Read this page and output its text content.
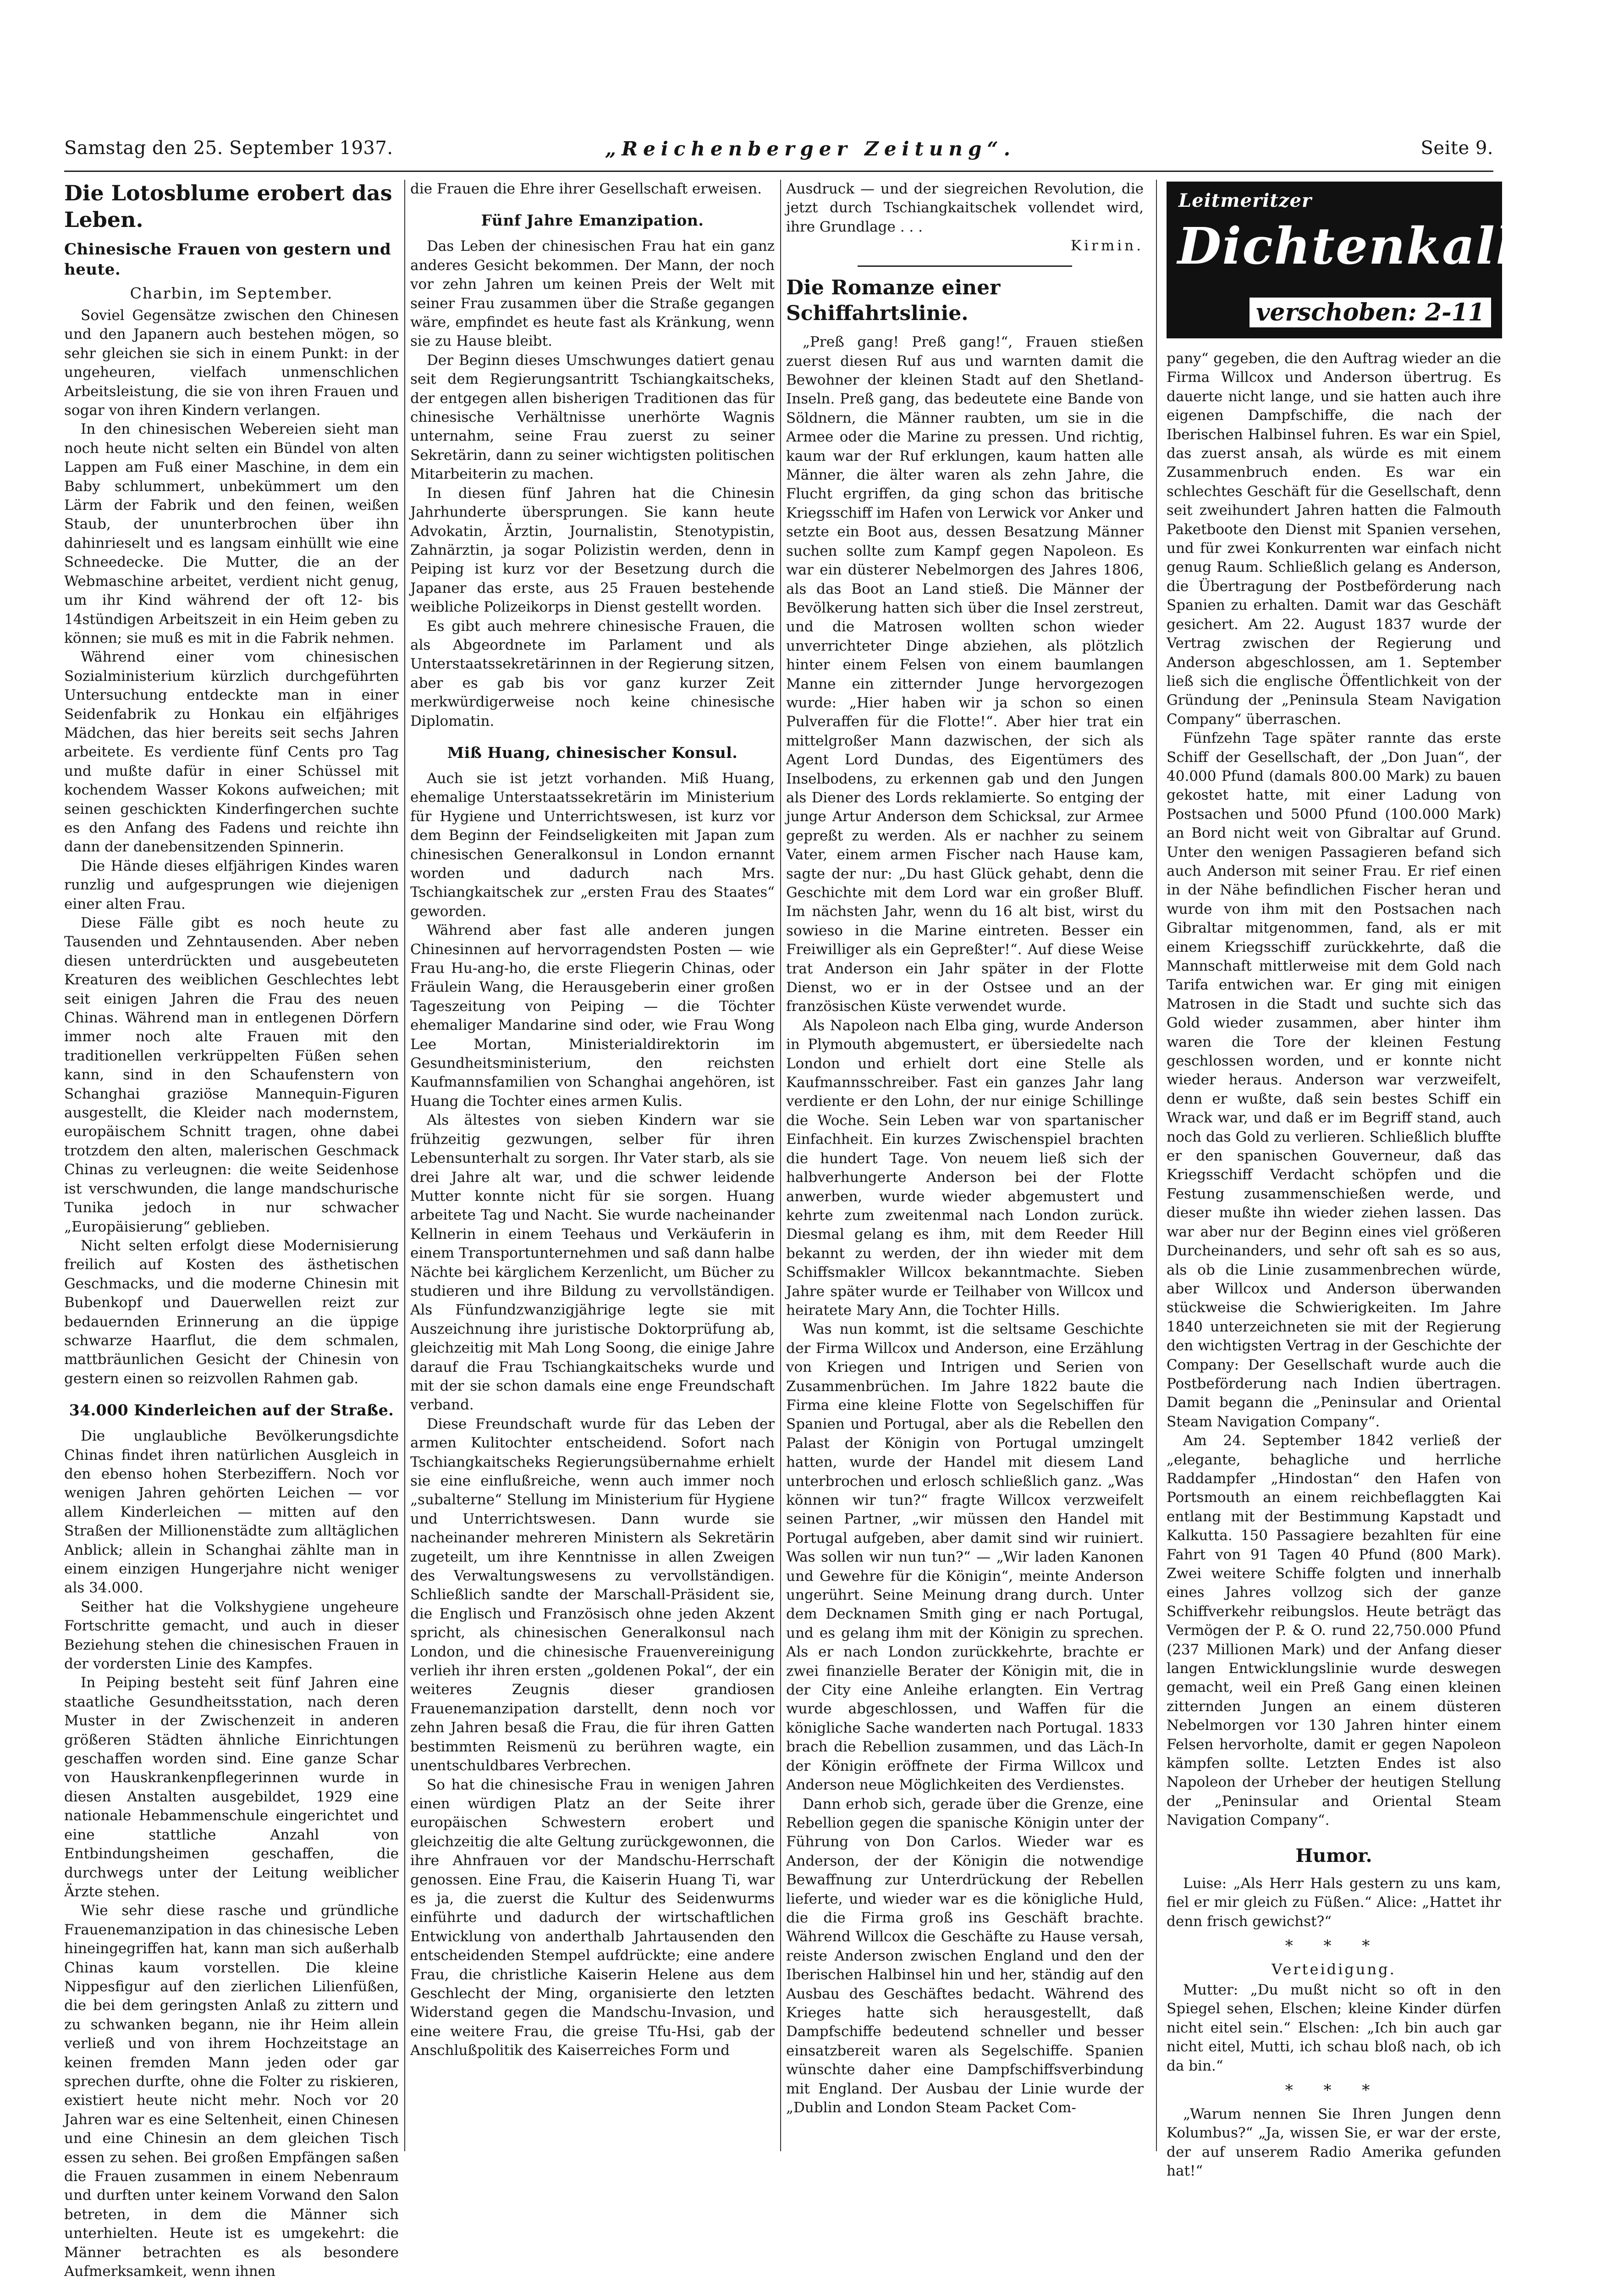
Samstag den 25. September 1937.	„Reichenberger Zeitung“.	Seite 9.
Die Lotosblume erobert das Leben.
Chinesische Frauen von gestern und heute.
Charbin, im September.

Soviel Gegensätze zwischen den Chinesen und den Japanern auch bestehen mögen, so sehr gleichen sie sich in einem Punkt: in der ungeheuren, vielfach unmenschlichen Arbeitsleistung, die sie von ihren Frauen und sogar von ihren Kindern verlangen.

In den chinesischen Webereien sieht man noch heute nicht selten ein Bündel von alten Lappen am Fuß einer Maschine, in dem ein Baby schlummert, unbekümmert um den Lärm der Fabrik und den feinen, weißen Staub, der ununterbrochen über ihn dahinrieselt und es langsam einhüllt wie eine Schneedecke. Die Mutter, die an der Webmaschine arbeitet, verdient nicht genug, um ihr Kind während der oft 12- bis 14stündigen Arbeitszeit in ein Heim geben zu können; sie muß es mit in die Fabrik nehmen.

Während einer vom chinesischen Sozialministerium kürzlich durchgeführten Untersuchung entdeckte man in einer Seidenfabrik zu Honkau ein elfjähriges Mädchen, das hier bereits seit sechs Jahren arbeitete. Es verdiente fünf Cents pro Tag und mußte dafür in einer Schüssel mit kochendem Wasser Kokons aufweichen; mit seinen geschickten Kinderfingerchen suchte es den Anfang des Fadens und reichte ihn dann der danebensitzenden Spinnerin.

Die Hände dieses elfjährigen Kindes waren runzlig und aufgesprungen wie diejenigen einer alten Frau.

Diese Fälle gibt es noch heute zu Tausenden und Zehntausenden. Aber neben diesen unterdrückten und ausgebeuteten Kreaturen des weiblichen Geschlechtes lebt seit einigen Jahren die Frau des neuen Chinas. Während man in entlegenen Dörfern immer noch alte Frauen mit den traditionellen verkrüppelten Füßen sehen kann, sind in den Schaufenstern von Schanghai graziöse Mannequin-Figuren ausgestellt, die Kleider nach modernstem, europäischem Schnitt tragen, ohne dabei trotzdem den alten, malerischen Geschmack Chinas zu verleugnen: die weite Seidenhose ist verschwunden, die lange mandschurische Tunika jedoch in nur schwacher „Europäisierung“ geblieben.

Nicht selten erfolgt diese Modernisierung freilich auf Kosten des ästhetischen Geschmacks, und die moderne Chinesin mit Bubenkopf und Dauerwellen reizt zur bedauernden Erinnerung an die üppige schwarze Haarflut, die dem schmalen, mattbräunlichen Gesicht der Chinesin von gestern einen so reizvollen Rahmen gab.

34.000 Kinderleichen auf der Straße.

Die unglaubliche Bevölkerungsdichte Chinas findet ihren natürlichen Ausgleich in den ebenso hohen Sterbeziffern. Noch vor wenigen Jahren gehörten Leichen — vor allem Kinderleichen — mitten auf den Straßen der Millionenstädte zum alltäglichen Anblick; allein in Schanghai zählte man in einem einzigen Hungerjahre nicht weniger als 34.000.

Seither hat die Volkshygiene ungeheure Fortschritte gemacht, und auch in dieser Beziehung stehen die chinesischen Frauen in der vordersten Linie des Kampfes.

In Peiping besteht seit fünf Jahren eine staatliche Gesundheitsstation, nach deren Muster in der Zwischenzeit in anderen größeren Städten ähnliche Einrichtungen geschaffen worden sind. Eine ganze Schar von Hauskrankenpflegerinnen wurde in diesen Anstalten ausgebildet, 1929 eine nationale Hebammenschule eingerichtet und eine stattliche Anzahl von Entbindungsheimen geschaffen, die durchwegs unter der Leitung weiblicher Ärzte stehen.

Wie sehr diese rasche und gründliche Frauenemanzipation in das chinesische Leben hineingegriffen hat, kann man sich außerhalb Chinas kaum vorstellen. Die kleine Nippesfigur auf den zierlichen Lilienfüßen, die bei dem geringsten Anlaß zu zittern und zu schwanken begann, nie ihr Heim allein verließ und von ihrem Hochzeitstage an keinen fremden Mann jeden oder gar sprechen durfte, ohne die Folter zu riskieren, existiert heute nicht mehr. Noch vor 20 Jahren war es eine Seltenheit, einen Chinesen und eine Chinesin an dem gleichen Tisch essen zu sehen. Bei großen Empfängen saßen die Frauen zusammen in einem Nebenraum und durften unter keinem Vorwand den Salon betreten, in dem die Männer sich unterhielten. Heute ist es umgekehrt: die Männer betrachten es als besondere Aufmerksamkeit, wenn ihnen

die Frauen die Ehre ihrer Gesellschaft erweisen.

Fünf Jahre Emanzipation.

Das Leben der chinesischen Frau hat ein ganz anderes Gesicht bekommen. Der Mann, der noch vor zehn Jahren um keinen Preis der Welt mit seiner Frau zusammen über die Straße gegangen wäre, empfindet es heute fast als Kränkung, wenn sie zu Hause bleibt.

Der Beginn dieses Umschwunges datiert genau seit dem Regierungsantritt Tschiangkaitscheks, der entgegen allen bisherigen Traditionen das für chinesische Verhältnisse unerhörte Wagnis unternahm, seine Frau zuerst zu seiner Sekretärin, dann zu seiner wichtigsten politischen Mitarbeiterin zu machen.

In diesen fünf Jahren hat die Chinesin Jahrhunderte übersprungen. Sie kann heute Advokatin, Ärztin, Journalistin, Stenotypistin, Zahnärztin, ja sogar Polizistin werden, denn in Peiping ist kurz vor der Besetzung durch die Japaner das erste, aus 25 Frauen bestehende weibliche Polizeikorps in Dienst gestellt worden.

Es gibt auch mehrere chinesische Frauen, die als Abgeordnete im Parlament und als Unterstaatssekretärinnen in der Regierung sitzen, aber es gab bis vor ganz kurzer Zeit merkwürdigerweise noch keine chinesische Diplomatin.

Miß Huang, chinesischer Konsul.

Auch sie ist jetzt vorhanden. Miß Huang, ehemalige Unterstaatssekretärin im Ministerium für Hygiene und Unterrichtswesen, ist kurz vor dem Beginn der Feindseligkeiten mit Japan zum chinesischen Generalkonsul in London ernannt worden und dadurch nach Mrs. Tschiangkaitschek zur „ersten Frau des Staates“ geworden.

Während aber fast alle anderen jungen Chinesinnen auf hervorragendsten Posten — wie Frau Hu-ang-ho, die erste Fliegerin Chinas, oder Fräulein Wang, die Herausgeberin einer großen Tageszeitung von Peiping — die Töchter ehemaliger Mandarine sind oder, wie Frau Wong Lee Mortan, Ministerialdirektorin im Gesundheitsministerium, den reichsten Kaufmannsfamilien von Schanghai angehören, ist Huang die Tochter eines armen Kulis.

Als ältestes von sieben Kindern war sie frühzeitig gezwungen, selber für ihren Lebensunterhalt zu sorgen. Ihr Vater starb, als sie drei Jahre alt war, und die schwer leidende Mutter konnte nicht für sie sorgen. Huang arbeitete Tag und Nacht. Sie wurde nacheinander Kellnerin in einem Teehaus und Verkäuferin in einem Transportunternehmen und saß dann halbe Nächte bei kärglichem Kerzenlicht, um Bücher zu studieren und ihre Bildung zu vervollständigen. Als Fünfundzwanzigjährige legte sie mit Auszeichnung ihre juristische Doktorprüfung ab, gleichzeitig mit Mah Long Soong, die einige Jahre darauf die Frau Tschiangkaitscheks wurde und mit der sie schon damals eine enge Freundschaft verband.

Diese Freundschaft wurde für das Leben der armen Kulitochter entscheidend. Sofort nach Tschiangkaitscheks Regierungsübernahme erhielt sie eine einflußreiche, wenn auch immer noch „subalterne“ Stellung im Ministerium für Hygiene und Unterrichtswesen. Dann wurde sie nacheinander mehreren Ministern als Sekretärin zugeteilt, um ihre Kenntnisse in allen Zweigen des Verwaltungswesens zu vervollständigen. Schließlich sandte der Marschall-Präsident sie, die Englisch und Französisch ohne jeden Akzent spricht, als chinesischen Generalkonsul nach London, und die chinesische Frauenvereinigung verlieh ihr ihren ersten „goldenen Pokal“, der ein weiteres Zeugnis dieser grandiosen Frauenemanzipation darstellt, denn noch vor zehn Jahren besaß die Frau, die für ihren Gatten bestimmten Reismenü zu berühren wagte, ein unentschuldbares Verbrechen.

So hat die chinesische Frau in wenigen Jahren einen würdigen Platz an der Seite ihrer europäischen Schwestern erobert und gleichzeitig die alte Geltung zurückgewonnen, die ihre Ahnfrauen vor der Mandschu-Herrschaft genossen. Eine Frau, die Kaiserin Huang Ti, war es ja, die zuerst die Kultur des Seidenwurms einführte und dadurch der wirtschaftlichen Entwicklung von anderthalb Jahrtausenden den entscheidenden Stempel aufdrückte; eine andere Frau, die christliche Kaiserin Helene aus dem Geschlecht der Ming, organisierte den letzten Widerstand gegen die Mandschu-Invasion, und eine weitere Frau, die greise Tfu-Hsi, gab der Anschlußpolitik des Kaiserreiches Form und

Ausdruck — und der siegreichen Revolution, die jetzt durch Tschiangkaitschek vollendet wird, ihre Grundlage . . .

Kirmin.
Die Romanze einer Schiffahrtslinie.

„Preß gang! Preß gang!“, Frauen stießen zuerst diesen Ruf aus und warnten damit die Bewohner der kleinen Stadt auf den Shetland-Inseln. Preß gang, das bedeutete eine Bande von Söldnern, die Männer raubten, um sie in die Armee oder die Marine zu pressen. Und richtig, kaum war der Ruf erklungen, kaum hatten alle Männer, die älter waren als zehn Jahre, die Flucht ergriffen, da ging schon das britische Kriegsschiff im Hafen von Lerwick vor Anker und setzte ein Boot aus, dessen Besatzung Männer suchen sollte zum Kampf gegen Napoleon. Es war ein düsterer Nebelmorgen des Jahres 1806, als das Boot an Land stieß. Die Männer der Bevölkerung hatten sich über die Insel zerstreut, und die Matrosen wollten schon wieder unverrichteter Dinge abziehen, als plötzlich hinter einem Felsen von einem baumlangen Manne ein zitternder Junge hervorgezogen wurde: „Hier haben wir ja schon so einen Pulveraffen für die Flotte!“. Aber hier trat ein mittelgroßer Mann dazwischen, der sich als Agent Lord Dundas, des Eigentümers des Inselbodens, zu erkennen gab und den Jungen als Diener des Lords reklamierte. So entging der junge Artur Anderson dem Schicksal, zur Armee gepreßt zu werden. Als er nachher zu seinem Vater, einem armen Fischer nach Hause kam, sagte der nur: „Du hast Glück gehabt, denn die Geschichte mit dem Lord war ein großer Bluff. Im nächsten Jahr, wenn du 16 alt bist, wirst du sowieso in die Marine eintreten. Besser ein Freiwilliger als ein Gepreßter!“. Auf diese Weise trat Anderson ein Jahr später in der Flotte Dienst, wo er in der Ostsee und an der französischen Küste verwendet wurde.

Als Napoleon nach Elba ging, wurde Anderson in Plymouth abgemustert, er übersiedelte nach London und erhielt dort eine Stelle als Kaufmannsschreiber. Fast ein ganzes Jahr lang verdiente er den Lohn, der nur einige Schillinge die Woche. Sein Leben war von spartanischer Einfachheit. Ein kurzes Zwischenspiel brachten die hundert Tage. Von neuem ließ sich der halbverhungerte Anderson bei der Flotte anwerben, wurde wieder abgemustert und kehrte zum zweitenmal nach London zurück. Diesmal gelang es ihm, mit dem Reeder Hill bekannt zu werden, der ihn wieder mit dem Schiffsmakler Willcox bekanntmachte. Sieben Jahre später wurde er Teilhaber von Willcox und heiratete Mary Ann, die Tochter Hills.

Was nun kommt, ist die seltsame Geschichte der Firma Willcox und Anderson, eine Erzählung von Kriegen und Intrigen und Serien von Zusammenbrüchen. Im Jahre 1822 baute die Firma eine kleine Flotte von Segelschiffen für Spanien und Portugal, aber als die Rebellen den Palast der Königin von Portugal umzingelt hatten, wurde der Handel mit diesem Land unterbrochen und erlosch schließlich ganz. „Was können wir tun?“ fragte Willcox verzweifelt seinen Partner, „wir müssen den Handel mit Portugal aufgeben, aber damit sind wir ruiniert. Was sollen wir nun tun?“ — „Wir laden Kanonen und Gewehre für die Königin“, meinte Anderson ungerührt. Seine Meinung drang durch. Unter dem Decknamen Smith ging er nach Portugal, und es gelang ihm mit der Königin zu sprechen. Als er nach London zurückkehrte, brachte er zwei finanzielle Berater der Königin mit, die in der City eine Anleihe erlangten. Ein Vertrag wurde abgeschlossen, und Waffen für die königliche Sache wanderten nach Portugal. 1833 brach die Rebellion zusammen, und das Läch-In der Königin eröffnete der Firma Willcox und Anderson neue Möglichkeiten des Verdienstes.

Dann erhob sich, gerade über die Grenze, eine Rebellion gegen die spanische Königin unter der Führung von Don Carlos. Wieder war es Anderson, der der Königin die notwendige Bewaffnung zur Unterdrückung der Rebellen lieferte, und wieder war es die königliche Huld, die die Firma groß ins Geschäft brachte. Während Willcox die Geschäfte zu Hause versah, reiste Anderson zwischen England und den der Iberischen Halbinsel hin und her, ständig auf den Ausbau des Geschäftes bedacht. Während des Krieges hatte sich herausgestellt, daß Dampfschiffe bedeutend schneller und besser einsatzbereit waren als Segelschiffe. Spanien wünschte daher eine Dampfschiffsverbindung mit England. Der Ausbau der Linie wurde der „Dublin and London Steam Packet Com-

Leitmeritzer
Dichtenkalk
verschoben: 2-11

pany“ gegeben, die den Auftrag wieder an die Firma Willcox und Anderson übertrug. Es dauerte nicht lange, und sie hatten auch ihre eigenen Dampfschiffe, die nach der Iberischen Halbinsel fuhren. Es war ein Spiel, das zuerst ansah, als würde es mit einem Zusammenbruch enden. Es war ein schlechtes Geschäft für die Gesellschaft, denn seit zweihundert Jahren hatten die Falmouth Paketboote den Dienst mit Spanien versehen, und für zwei Konkurrenten war einfach nicht genug Raum. Schließlich gelang es Anderson, die Übertragung der Postbeförderung nach Spanien zu erhalten. Damit war das Geschäft gesichert. Am 22. August 1837 wurde der Vertrag zwischen der Regierung und Anderson abgeschlossen, am 1. September ließ sich die englische Öffentlichkeit von der Gründung der „Peninsula Steam Navigation Company“ überraschen.

Fünfzehn Tage später rannte das erste Schiff der Gesellschaft, der „Don Juan“, der 40.000 Pfund (damals 800.00 Mark) zu bauen gekostet hatte, mit einer Ladung von Postsachen und 5000 Pfund (100.000 Mark) an Bord nicht weit von Gibraltar auf Grund. Unter den wenigen Passagieren befand sich auch Anderson mit seiner Frau. Er rief einen in der Nähe befindlichen Fischer heran und wurde von ihm mit den Postsachen nach Gibraltar mitgenommen, fand, als er mit einem Kriegsschiff zurückkehrte, daß die Mannschaft mittlerweise mit dem Gold nach Tarifa entwichen war. Er ging mit einigen Matrosen in die Stadt und suchte sich das Gold wieder zusammen, aber hinter ihm waren die Tore der kleinen Festung geschlossen worden, und er konnte nicht wieder heraus. Anderson war verzweifelt, denn er wußte, daß sein bestes Schiff ein Wrack war, und daß er im Begriff stand, auch noch das Gold zu verlieren. Schließlich bluffte er den spanischen Gouverneur, daß das Kriegsschiff Verdacht schöpfen und die Festung zusammenschießen werde, und dieser mußte ihn wieder ziehen lassen. Das war aber nur der Beginn eines viel größeren Durcheinanders, und sehr oft sah es so aus, als ob die Linie zusammenbrechen würde, aber Willcox und Anderson überwanden stückweise die Schwierigkeiten. Im Jahre 1840 unterzeichneten sie mit der Regierung den wichtigsten Vertrag in der Geschichte der Company: Der Gesellschaft wurde auch die Postbeförderung nach Indien übertragen. Damit begann die „Peninsular and Oriental Steam Navigation Company“.

Am 24. September 1842 verließ der „elegante, behagliche und herrliche Raddampfer „Hindostan“ den Hafen von Portsmouth an einem reichbeflaggten Kai entlang mit der Bestimmung Kapstadt und Kalkutta. 150 Passagiere bezahlten für eine Fahrt von 91 Tagen 40 Pfund (800 Mark). Zwei weitere Schiffe folgten und innerhalb eines Jahres vollzog sich der ganze Schiffverkehr reibungslos. Heute beträgt das Vermögen der P. & O. rund 22,750.000 Pfund (237 Millionen Mark) und der Anfang dieser langen Entwicklungslinie wurde deswegen gemacht, weil ein Preß Gang einen kleinen zitternden Jungen an einem düsteren Nebelmorgen vor 130 Jahren hinter einem Felsen hervorholte, damit er gegen Napoleon kämpfen sollte. Letzten Endes ist also Napoleon der Urheber der heutigen Stellung der „Peninsular and Oriental Steam Navigation Company“.

Humor.

Luise: „Als Herr Hals gestern zu uns kam, fiel er mir gleich zu Füßen.“ Alice: „Hattet ihr denn frisch gewichst?“

* * *
Verteidigung.

Mutter: „Du mußt nicht so oft in den Spiegel sehen, Elschen; kleine Kinder dürfen nicht eitel sein.“ Elschen: „Ich bin auch gar nicht eitel, Mutti, ich schau bloß nach, ob ich da bin.“

* * *

„Warum nennen Sie Ihren Jungen denn Kolumbus?“ „Ja, wissen Sie, er war der erste, der auf unserem Radio Amerika gefunden hat!“
